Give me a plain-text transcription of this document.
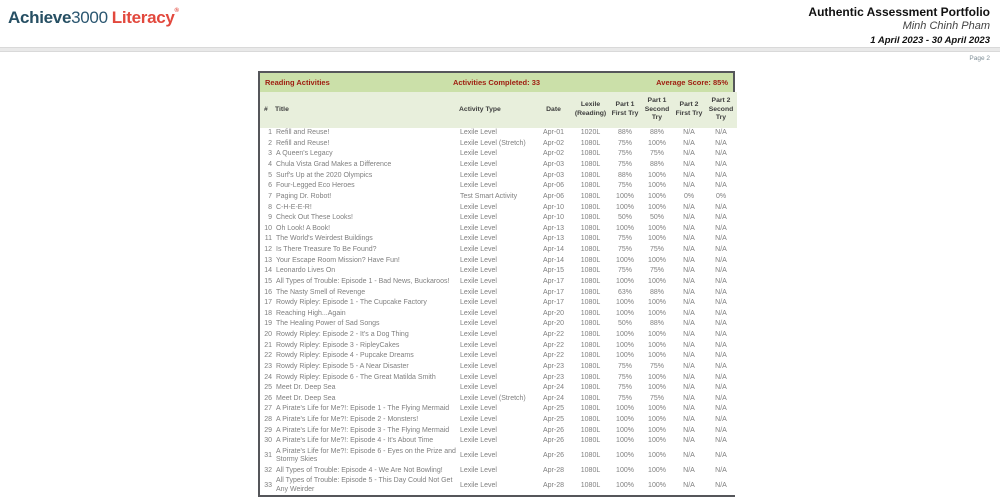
Achieve3000 Literacy®	Authentic Assessment Portfolio
Minh Chinh Pham
1 April 2023 - 30 April 2023
Page 2
Reading Activities	Activities Completed: 33	Average Score: 85%
#	Title	Activity Type	Date	Lexile (Reading)	Part 1 First Try	Part 1 Second Try	Part 2 First Try	Part 2 Second Try
1	Refill and Reuse!	Lexile Level	Apr-01	1020L	88%	88%	N/A	N/A
2	Refill and Reuse!	Lexile Level (Stretch)	Apr-02	1080L	75%	100%	N/A	N/A
3	A Queen's Legacy	Lexile Level	Apr-02	1080L	75%	75%	N/A	N/A
4	Chula Vista Grad Makes a Difference	Lexile Level	Apr-03	1080L	75%	88%	N/A	N/A
5	Surf's Up at the 2020 Olympics	Lexile Level	Apr-03	1080L	88%	100%	N/A	N/A
6	Four-Legged Eco Heroes	Lexile Level	Apr-06	1080L	75%	100%	N/A	N/A
7	Paging Dr. Robot!	Test Smart Activity	Apr-06	1080L	100%	100%	0%	0%
8	C-H-E-E-R!	Lexile Level	Apr-10	1080L	100%	100%	N/A	N/A
9	Check Out These Looks!	Lexile Level	Apr-10	1080L	50%	50%	N/A	N/A
10	Oh Look! A Book!	Lexile Level	Apr-13	1080L	100%	100%	N/A	N/A
11	The World's Weirdest Buildings	Lexile Level	Apr-13	1080L	75%	100%	N/A	N/A
12	Is There Treasure To Be Found?	Lexile Level	Apr-14	1080L	75%	75%	N/A	N/A
13	Your Escape Room Mission? Have Fun!	Lexile Level	Apr-14	1080L	100%	100%	N/A	N/A
14	Leonardo Lives On	Lexile Level	Apr-15	1080L	75%	75%	N/A	N/A
15	All Types of Trouble: Episode 1 - Bad News, Buckaroos!	Lexile Level	Apr-17	1080L	100%	100%	N/A	N/A
16	The Nasty Smell of Revenge	Lexile Level	Apr-17	1080L	63%	88%	N/A	N/A
17	Rowdy Ripley: Episode 1 - The Cupcake Factory	Lexile Level	Apr-17	1080L	100%	100%	N/A	N/A
18	Reaching High...Again	Lexile Level	Apr-20	1080L	100%	100%	N/A	N/A
19	The Healing Power of Sad Songs	Lexile Level	Apr-20	1080L	50%	88%	N/A	N/A
20	Rowdy Ripley: Episode 2 - It's a Dog Thing	Lexile Level	Apr-22	1080L	100%	100%	N/A	N/A
21	Rowdy Ripley: Episode 3 - RipleyCakes	Lexile Level	Apr-22	1080L	100%	100%	N/A	N/A
22	Rowdy Ripley: Episode 4 - Pupcake Dreams	Lexile Level	Apr-22	1080L	100%	100%	N/A	N/A
23	Rowdy Ripley: Episode 5 - A Near Disaster	Lexile Level	Apr-23	1080L	75%	75%	N/A	N/A
24	Rowdy Ripley: Episode 6 - The Great Matilda Smith	Lexile Level	Apr-23	1080L	75%	100%	N/A	N/A
25	Meet Dr. Deep Sea	Lexile Level	Apr-24	1080L	75%	100%	N/A	N/A
26	Meet Dr. Deep Sea	Lexile Level (Stretch)	Apr-24	1080L	75%	75%	N/A	N/A
27	A Pirate's Life for Me?!: Episode 1 - The Flying Mermaid	Lexile Level	Apr-25	1080L	100%	100%	N/A	N/A
28	A Pirate's Life for Me?!: Episode 2 - Monsters!	Lexile Level	Apr-25	1080L	100%	100%	N/A	N/A
29	A Pirate's Life for Me?!: Episode 3 - The Flying Mermaid	Lexile Level	Apr-26	1080L	100%	100%	N/A	N/A
30	A Pirate's Life for Me?!: Episode 4 - It's About Time	Lexile Level	Apr-26	1080L	100%	100%	N/A	N/A
31	A Pirate's Life for Me?!: Episode 6 - Eyes on the Prize and Stormy Skies	Lexile Level	Apr-26	1080L	100%	100%	N/A	N/A
32	All Types of Trouble: Episode 4 - We Are Not Bowling!	Lexile Level	Apr-28	1080L	100%	100%	N/A	N/A
33	All Types of Trouble: Episode 5 - This Day Could Not Get Any Weirder	Lexile Level	Apr-28	1080L	100%	100%	N/A	N/A
